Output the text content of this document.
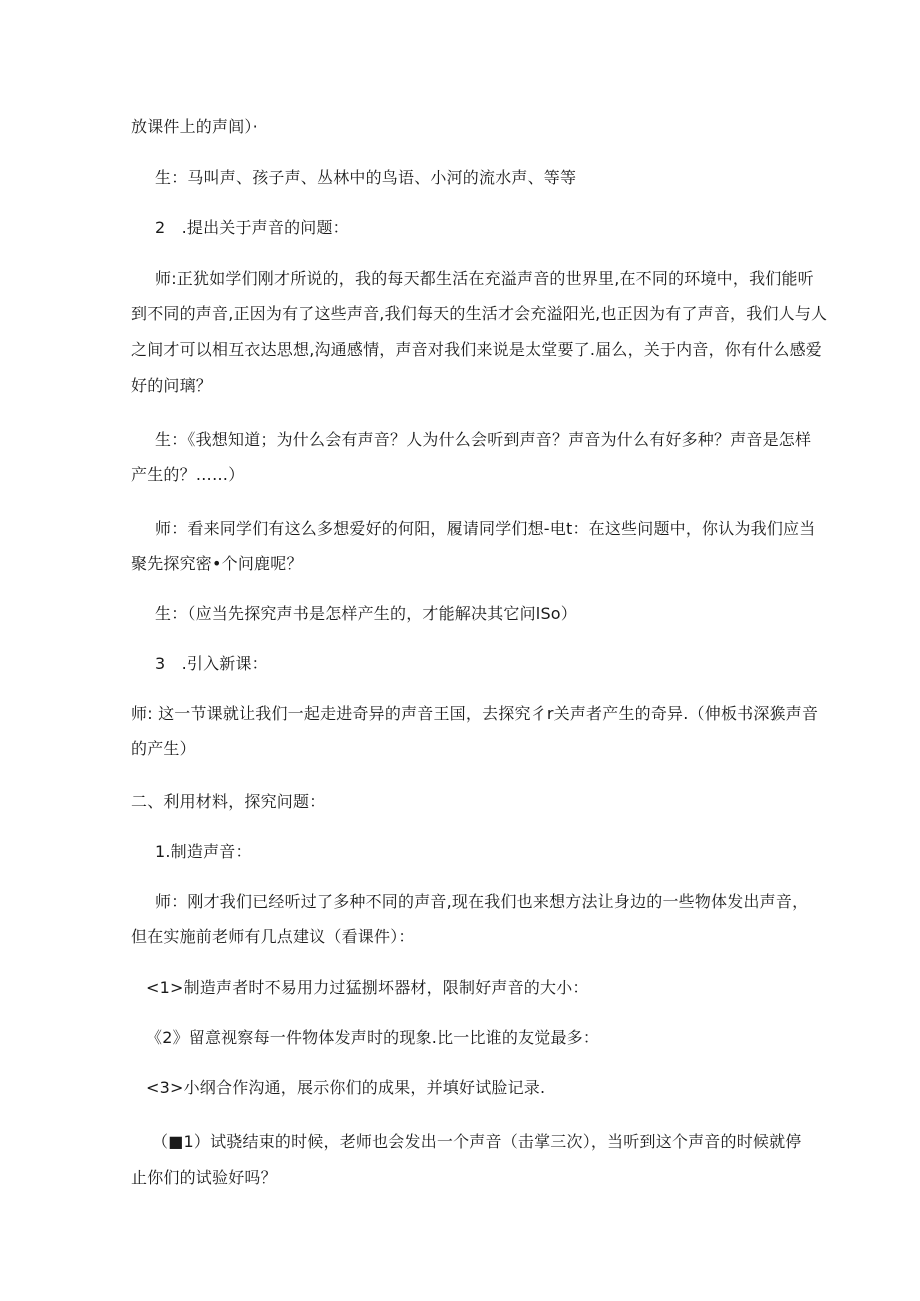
放课件上的声闾）·
生：马叫声、孩子声、丛林中的鸟语、小河的流水声、等等
2　.提出关于声音的问题：
师:正犹如学们刚才所说的，我的每天都生活在充溢声音的世界里,在不同的环境中，我们能听
到不同的声音,正因为有了这些声音,我们每天的生活才会充溢阳光,也正因为有了声音，我们人与人
之间才可以相互衣达思想,沟通感情，声音对我们来说是太堂要了.届么，关于内音，你有什么感爱
好的问璃？
生：《我想知道；为什么会有声音？人为什么会听到声音？声音为什么有好多种？声音是怎样
产生的？……）
师：看来同学们有这么多想爱好的何阳，履请同学们想-电t：在这些问题中，你认为我们应当
聚先探究密•个问鹿呢？
生：（应当先探究声书是怎样产生的，才能解决其它问lSo）
3　.引入新课：
师: 这一节课就让我们一起走进奇异的声音王国，去探究彳r关声者产生的奇异.（伸板书深㺅声音
的产生）
二、利用材料，探究问题：
1.制造声音：
师：刚才我们已经听过了多种不同的声音,现在我们也来想方法让身边的一些物体发出声音，
但在实施前老师有几点建议（看课件）：
<1>制造声者时不易用力过猛捌坏器材，限制好声音的大小：
《2》留意视察每一件物体发声时的现象.比一比谁的友觉最多：
<3>小纲合作沟通，展示你们的成果，并填好试脸记录.
（■1）试骁结束的时候，老师也会发出一个声音（击掌三次），当听到这个声音的时候就停
止你们的试验好吗？
